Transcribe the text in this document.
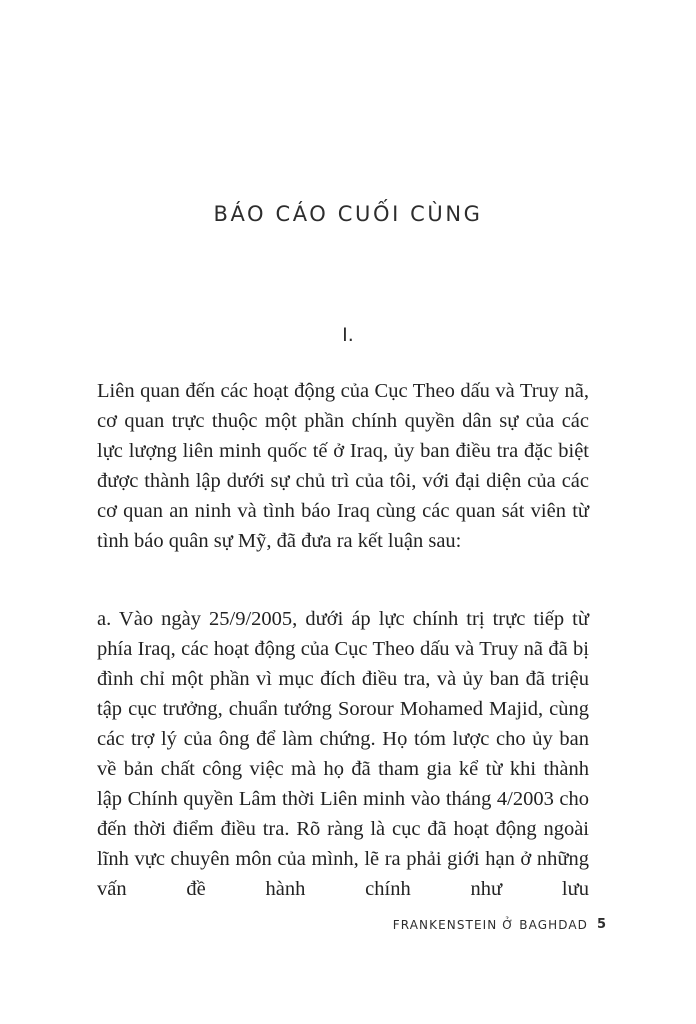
BÁO CÁO CUỐI CÙNG
I.

Liên quan đến các hoạt động của Cục Theo dấu và Truy nã, cơ quan trực thuộc một phần chính quyền dân sự của các lực lượng liên minh quốc tế ở Iraq, ủy ban điều tra đặc biệt được thành lập dưới sự chủ trì của tôi, với đại diện của các cơ quan an ninh và tình báo Iraq cùng các quan sát viên từ tình báo quân sự Mỹ, đã đưa ra kết luận sau:

a. Vào ngày 25/9/2005, dưới áp lực chính trị trực tiếp từ phía Iraq, các hoạt động của Cục Theo dấu và Truy nã đã bị đình chỉ một phần vì mục đích điều tra, và ủy ban đã triệu tập cục trưởng, chuẩn tướng Sorour Mohamed Majid, cùng các trợ lý của ông để làm chứng. Họ tóm lược cho ủy ban về bản chất công việc mà họ đã tham gia kể từ khi thành lập Chính quyền Lâm thời Liên minh vào tháng 4/2003 cho đến thời điểm điều tra. Rõ ràng là cục đã hoạt động ngoài lĩnh vực chuyên môn của mình, lẽ ra phải giới hạn ở những vấn đề hành chính như lưu

FRANKENSTEIN Ở BAGHDAD 5
